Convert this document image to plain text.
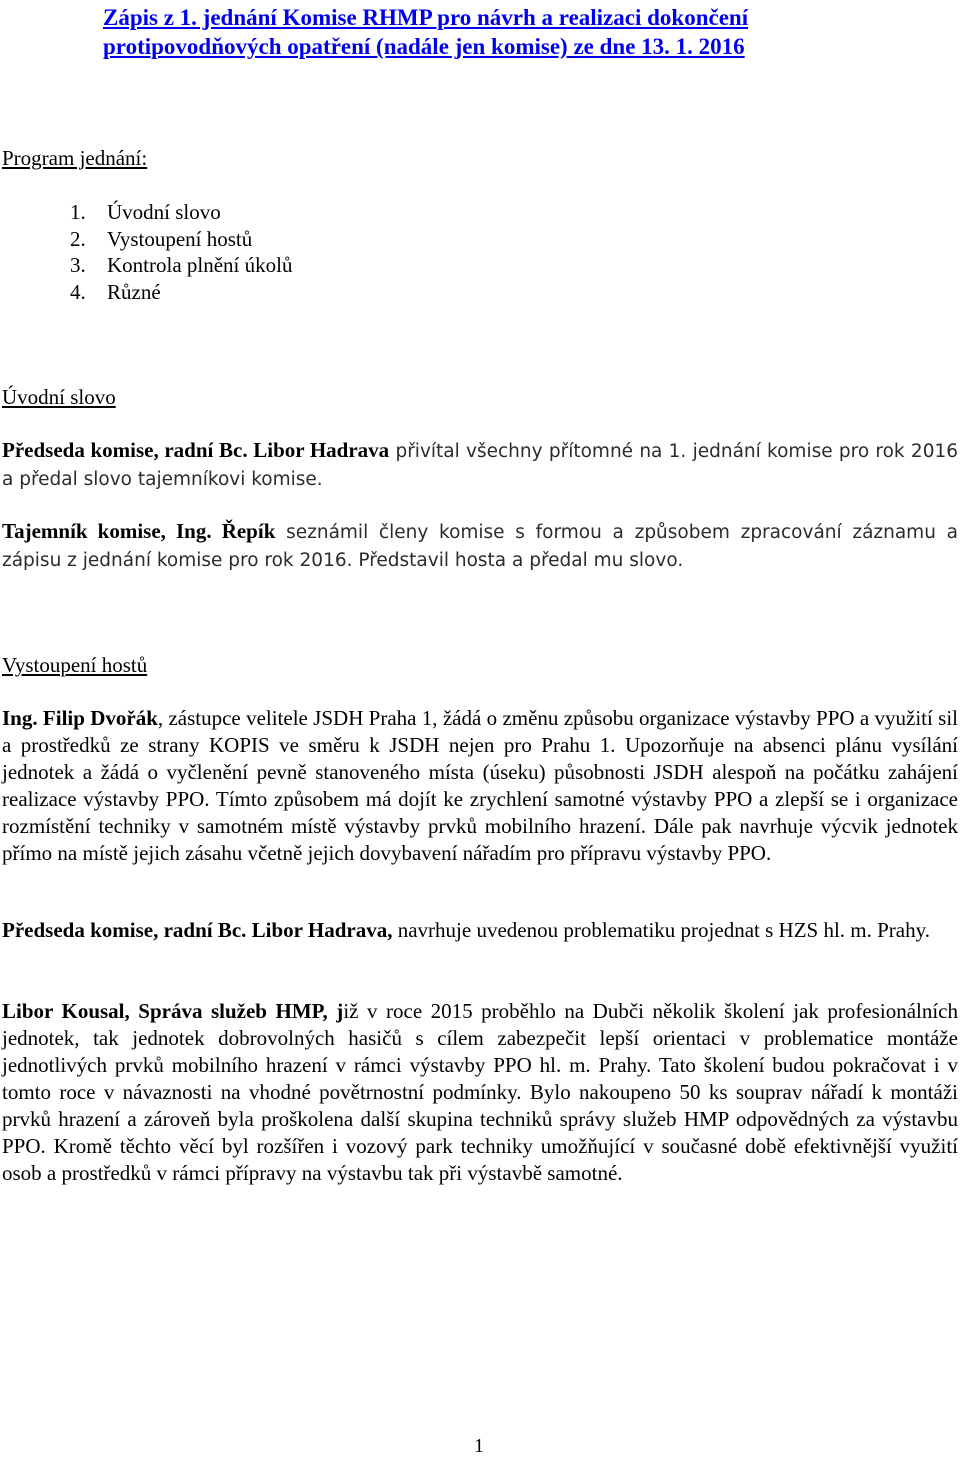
Zápis z 1. jednání Komise RHMP pro návrh a realizaci dokončení protipovodňových opatření (nadále jen komise) ze dne 13. 1. 2016

Program jednání:

1.	Úvodní slovo
2.	Vystoupení hostů
3.	Kontrola plnění úkolů
4.	Různé
Úvodní slovo

Předseda komise, radní Bc. Libor Hadrava přivítal všechny přítomné na 1. jednání komise pro rok 2016 a předal slovo tajemníkovi komise.

Tajemník komise, Ing. Řepík seznámil členy komise s formou a způsobem zpracování záznamu a zápisu z jednání komise pro rok 2016. Představil hosta a předal mu slovo.

Vystoupení hostů

Ing. Filip Dvořák, zástupce velitele JSDH Praha 1, žádá o změnu způsobu organizace výstavby PPO a využití sil a prostředků ze strany KOPIS ve směru k JSDH nejen pro Prahu 1. Upozorňuje na absenci plánu vysílání jednotek a žádá o vyčlenění pevně stanoveného místa (úseku) působnosti JSDH alespoň na počátku zahájení realizace výstavby PPO. Tímto způsobem má dojít ke zrychlení samotné výstavby PPO a zlepší se i organizace rozmístění techniky v samotném místě výstavby prvků mobilního hrazení. Dále pak navrhuje výcvik jednotek přímo na místě jejich zásahu včetně jejich dovybavení nářadím pro přípravu výstavby PPO.

Předseda komise, radní Bc. Libor Hadrava, navrhuje uvedenou problematiku projednat s HZS hl. m. Prahy.

Libor Kousal, Správa služeb HMP, již v roce 2015 proběhlo na Dubči několik školení jak profesionálních jednotek, tak jednotek dobrovolných hasičů s cílem zabezpečit lepší orientaci v problematice montáže jednotlivých prvků mobilního hrazení v rámci výstavby PPO hl. m. Prahy. Tato školení budou pokračovat i v tomto roce v návaznosti na vhodné povětrnostní podmínky. Bylo nakoupeno 50 ks souprav nářadí k montáži prvků hrazení a zároveň byla proškolena další skupina techniků správy služeb HMP odpovědných za výstavbu PPO. Kromě těchto věcí byl rozšířen i vozový park techniky umožňující v současné době efektivnější využití osob a prostředků v rámci přípravy na výstavbu tak při výstavbě samotné.

1
